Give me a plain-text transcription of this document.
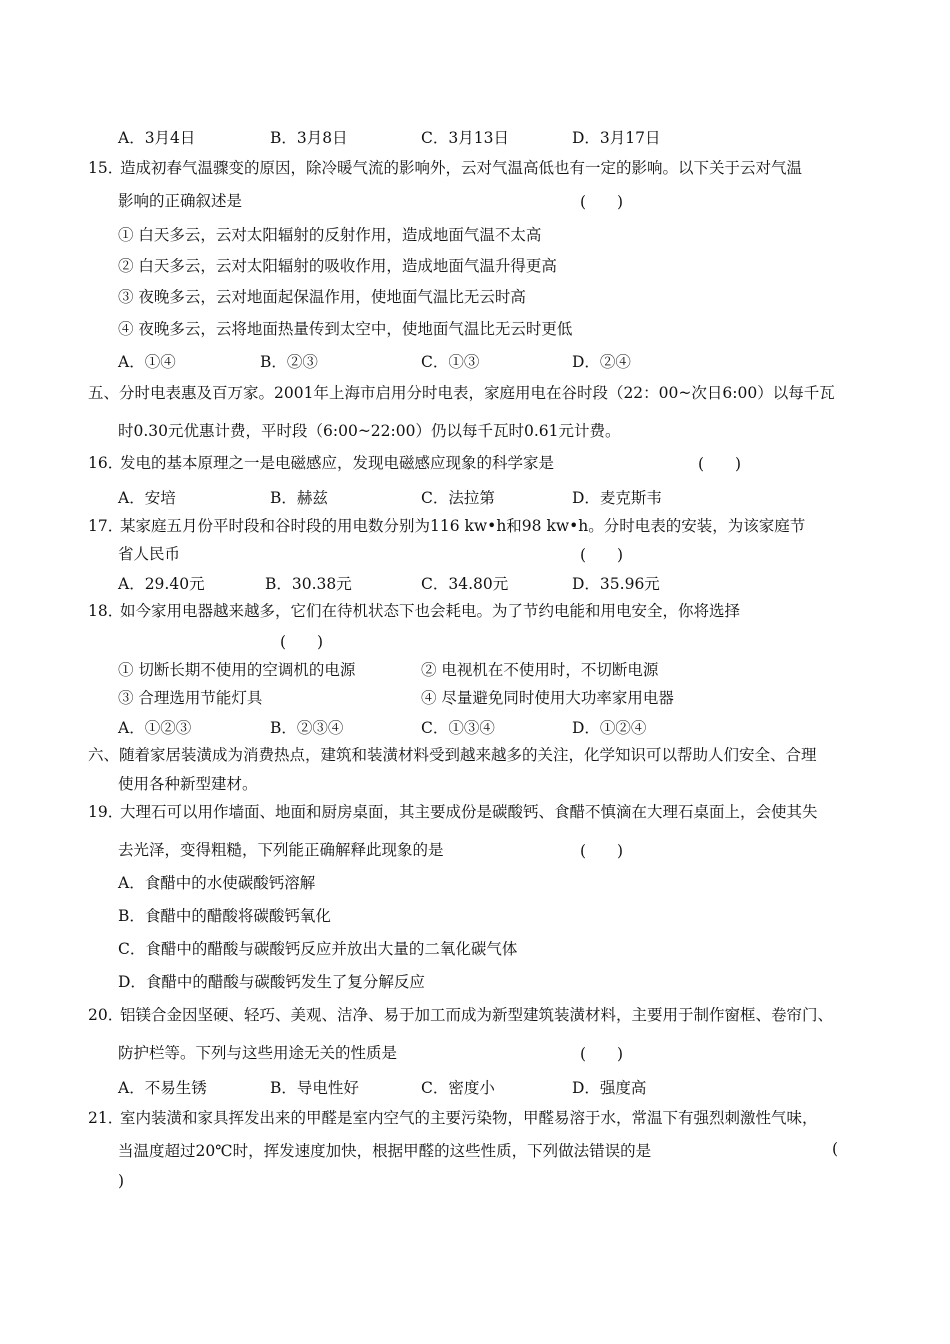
A．3月4日	B．3月8日	C．3月13日	D．3月17日
15．造成初春气温骤变的原因，除冷暖气流的影响外，云对气温高低也有一定的影响。以下关于云对气温
影响的正确叙述是	(　　)
① 白天多云，云对太阳辐射的反射作用，造成地面气温不太高
② 白天多云，云对太阳辐射的吸收作用，造成地面气温升得更高
③ 夜晚多云，云对地面起保温作用，使地面气温比无云时高
④ 夜晚多云，云将地面热量传到太空中，使地面气温比无云时更低
A．①④	B．②③	C．①③	D．②④
五、分时电表惠及百万家。2001年上海市启用分时电表，家庭用电在谷时段（22：00~次日6:00）以每千瓦
时0.30元优惠计费，平时段（6:00~22:00）仍以每千瓦时0.61元计费。
16．发电的基本原理之一是电磁感应，发现电磁感应现象的科学家是	(　　)
A．安培	B．赫兹	C．法拉第	D．麦克斯韦
17．某家庭五月份平时段和谷时段的用电数分别为116 kw•h和98 kw•h。分时电表的安装，为该家庭节
省人民币	(　　)
A．29.40元	B．30.38元	C．34.80元	D．35.96元
18．如今家用电器越来越多，它们在待机状态下也会耗电。为了节约电能和用电安全，你将选择
(　　)
① 切断长期不使用的空调机的电源	② 电视机在不使用时，不切断电源
③ 合理选用节能灯具	④ 尽量避免同时使用大功率家用电器
A．①②③	B．②③④	C．①③④	D．①②④
六、随着家居装潢成为消费热点，建筑和装潢材料受到越来越多的关注，化学知识可以帮助人们安全、合理
使用各种新型建材。
19．大理石可以用作墙面、地面和厨房桌面，其主要成份是碳酸钙、食醋不慎滴在大理石桌面上，会使其失
去光泽，变得粗糙，下列能正确解释此现象的是	(　　)
A．食醋中的水使碳酸钙溶解
B．食醋中的醋酸将碳酸钙氧化
C．食醋中的醋酸与碳酸钙反应并放出大量的二氧化碳气体
D．食醋中的醋酸与碳酸钙发生了复分解反应
20．铝镁合金因坚硬、轻巧、美观、洁净、易于加工而成为新型建筑装潢材料，主要用于制作窗框、卷帘门、
防护栏等。下列与这些用途无关的性质是	(　　)
A．不易生锈	B．导电性好	C．密度小	D．强度高
21．室内装潢和家具挥发出来的甲醛是室内空气的主要污染物，甲醛易溶于水，常温下有强烈刺激性气味，
当温度超过20℃时，挥发速度加快，根据甲醛的这些性质，下列做法错误的是	(
)
